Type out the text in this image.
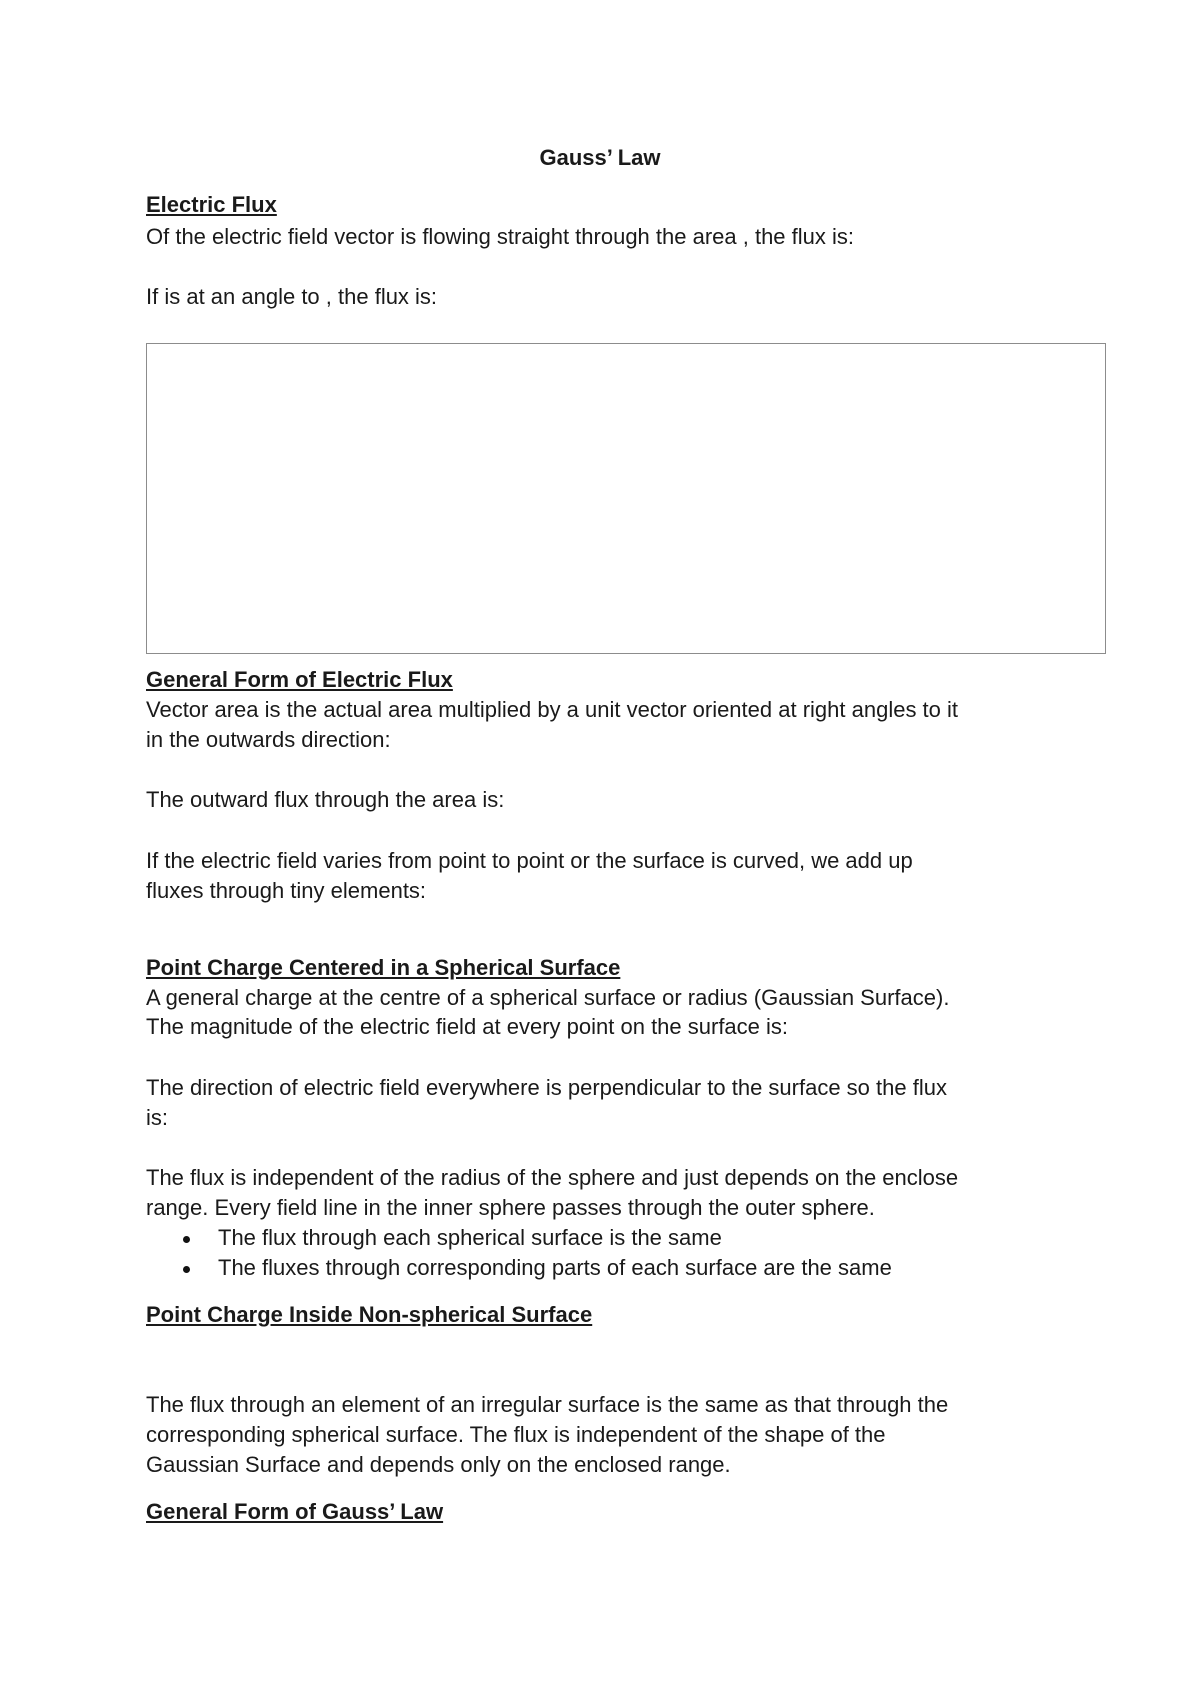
Gauss’ Law
Electric Flux
Of the electric field vector is flowing straight through the area , the flux is:
If is at an angle to , the flux is:
General Form of Electric Flux
Vector area is the actual area multiplied by a unit vector oriented at right angles to it
in the outwards direction:
The outward flux through the area is:
If the electric field varies from point to point or the surface is curved, we add up
fluxes through tiny elements:
Point Charge Centered in a Spherical Surface
A general charge at the centre of a spherical surface or radius (Gaussian Surface).
The magnitude of the electric field at every point on the surface is:
The direction of electric field everywhere is perpendicular to the surface so the flux
is:
The flux is independent of the radius of the sphere and just depends on the enclose
range. Every field line in the inner sphere passes through the outer sphere.
The flux through each spherical surface is the same
The fluxes through corresponding parts of each surface are the same
Point Charge Inside Non-spherical Surface
The flux through an element of an irregular surface is the same as that through the
corresponding spherical surface. The flux is independent of the shape of the
Gaussian Surface and depends only on the enclosed range.
General Form of Gauss’ Law
